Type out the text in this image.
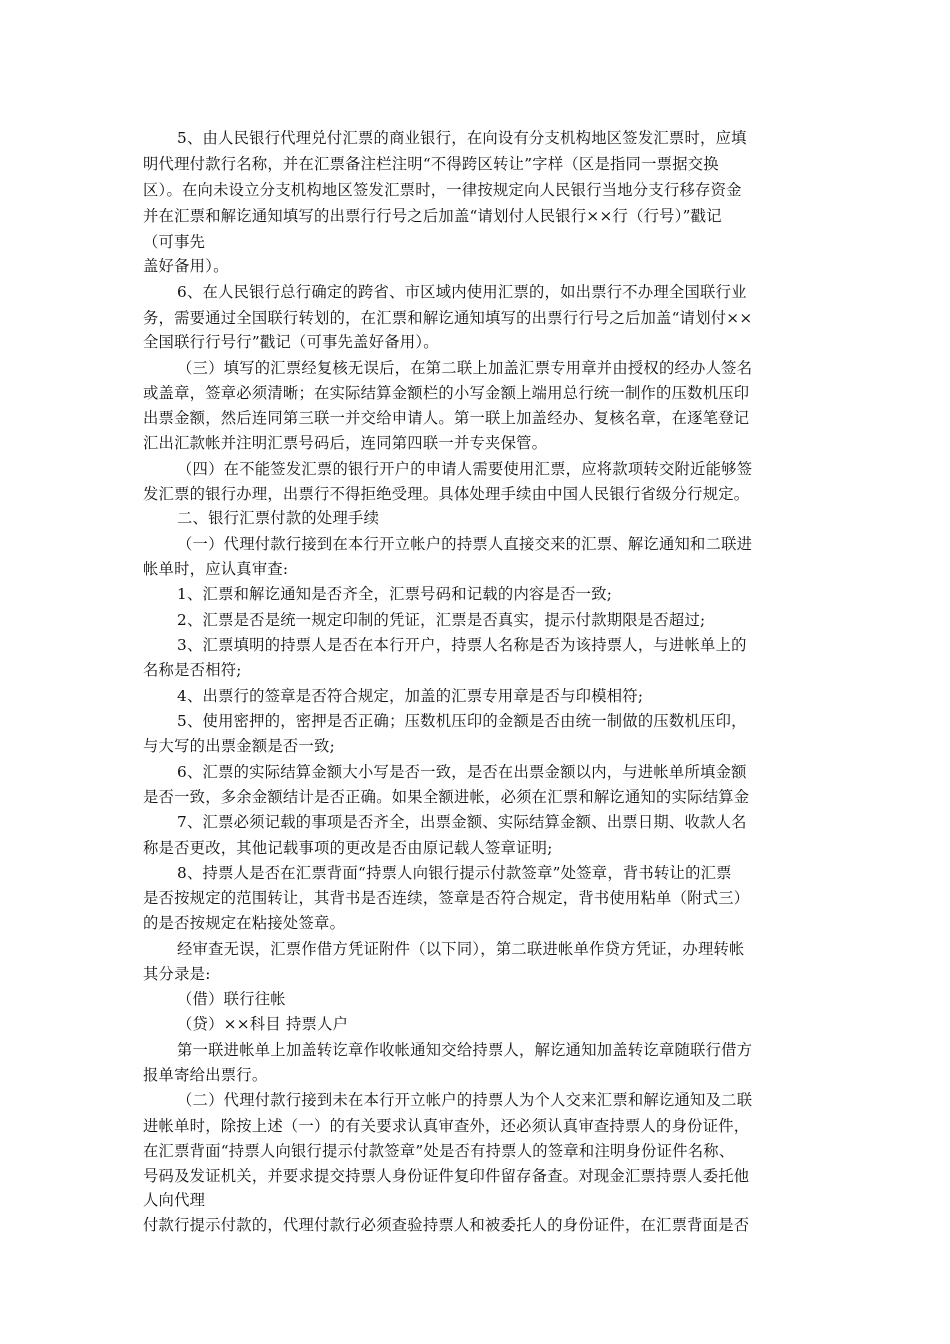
5、由人民银行代理兑付汇票的商业银行，在向设有分支机构地区签发汇票时，应填
明代理付款行名称，并在汇票备注栏注明“不得跨区转让”字样（区是指同一票据交换
区）。在向未设立分支机构地区签发汇票时，一律按规定向人民银行当地分支行移存资金
并在汇票和解讫通知填写的出票行行号之后加盖“请划付人民银行××行（行号）”戳记
（可事先
盖好备用）。
6、在人民银行总行确定的跨省、市区域内使用汇票的，如出票行不办理全国联行业
务，需要通过全国联行转划的，在汇票和解讫通知填写的出票行行号之后加盖“请划付××
全国联行行号行”戳记（可事先盖好备用）。
（三）填写的汇票经复核无误后，在第二联上加盖汇票专用章并由授权的经办人签名
或盖章，签章必须清晰；在实际结算金额栏的小写金额上端用总行统一制作的压数机压印
出票金额，然后连同第三联一并交给申请人。第一联上加盖经办、复核名章，在逐笔登记
汇出汇款帐并注明汇票号码后，连同第四联一并专夹保管。
（四）在不能签发汇票的银行开户的申请人需要使用汇票，应将款项转交附近能够签
发汇票的银行办理，出票行不得拒绝受理。具体处理手续由中国人民银行省级分行规定。
二、银行汇票付款的处理手续
（一）代理付款行接到在本行开立帐户的持票人直接交来的汇票、解讫通知和二联进
帐单时，应认真审查:
1、汇票和解讫通知是否齐全，汇票号码和记载的内容是否一致;
2、汇票是否是统一规定印制的凭证，汇票是否真实，提示付款期限是否超过;
3、汇票填明的持票人是否在本行开户，持票人名称是否为该持票人，与进帐单上的
名称是否相符;
4、出票行的签章是否符合规定，加盖的汇票专用章是否与印模相符;
5、使用密押的，密押是否正确；压数机压印的金额是否由统一制做的压数机压印，
与大写的出票金额是否一致;
6、汇票的实际结算金额大小写是否一致，是否在出票金额以内，与进帐单所填金额
是否一致，多余金额结计是否正确。如果全额进帐，必须在汇票和解讫通知的实际结算金
7、汇票必须记载的事项是否齐全，出票金额、实际结算金额、出票日期、收款人名
称是否更改，其他记载事项的更改是否由原记载人签章证明;
8、持票人是否在汇票背面“持票人向银行提示付款签章”处签章，背书转让的汇票
是否按规定的范围转让，其背书是否连续，签章是否符合规定，背书使用粘单（附式三）
的是否按规定在粘接处签章。
经审查无误，汇票作借方凭证附件（以下同），第二联进帐单作贷方凭证，办理转帐
其分录是:
（借）联行往帐
（贷）××科目 持票人户
第一联进帐单上加盖转讫章作收帐通知交给持票人，解讫通知加盖转讫章随联行借方
报单寄给出票行。
（二）代理付款行接到未在本行开立帐户的持票人为个人交来汇票和解讫通知及二联
进帐单时，除按上述（一）的有关要求认真审查外，还必须认真审查持票人的身份证件，
在汇票背面“持票人向银行提示付款签章”处是否有持票人的签章和注明身份证件名称、
号码及发证机关，并要求提交持票人身份证件复印件留存备查。对现金汇票持票人委托他
人向代理
付款行提示付款的，代理付款行必须查验持票人和被委托人的身份证件，在汇票背面是否
